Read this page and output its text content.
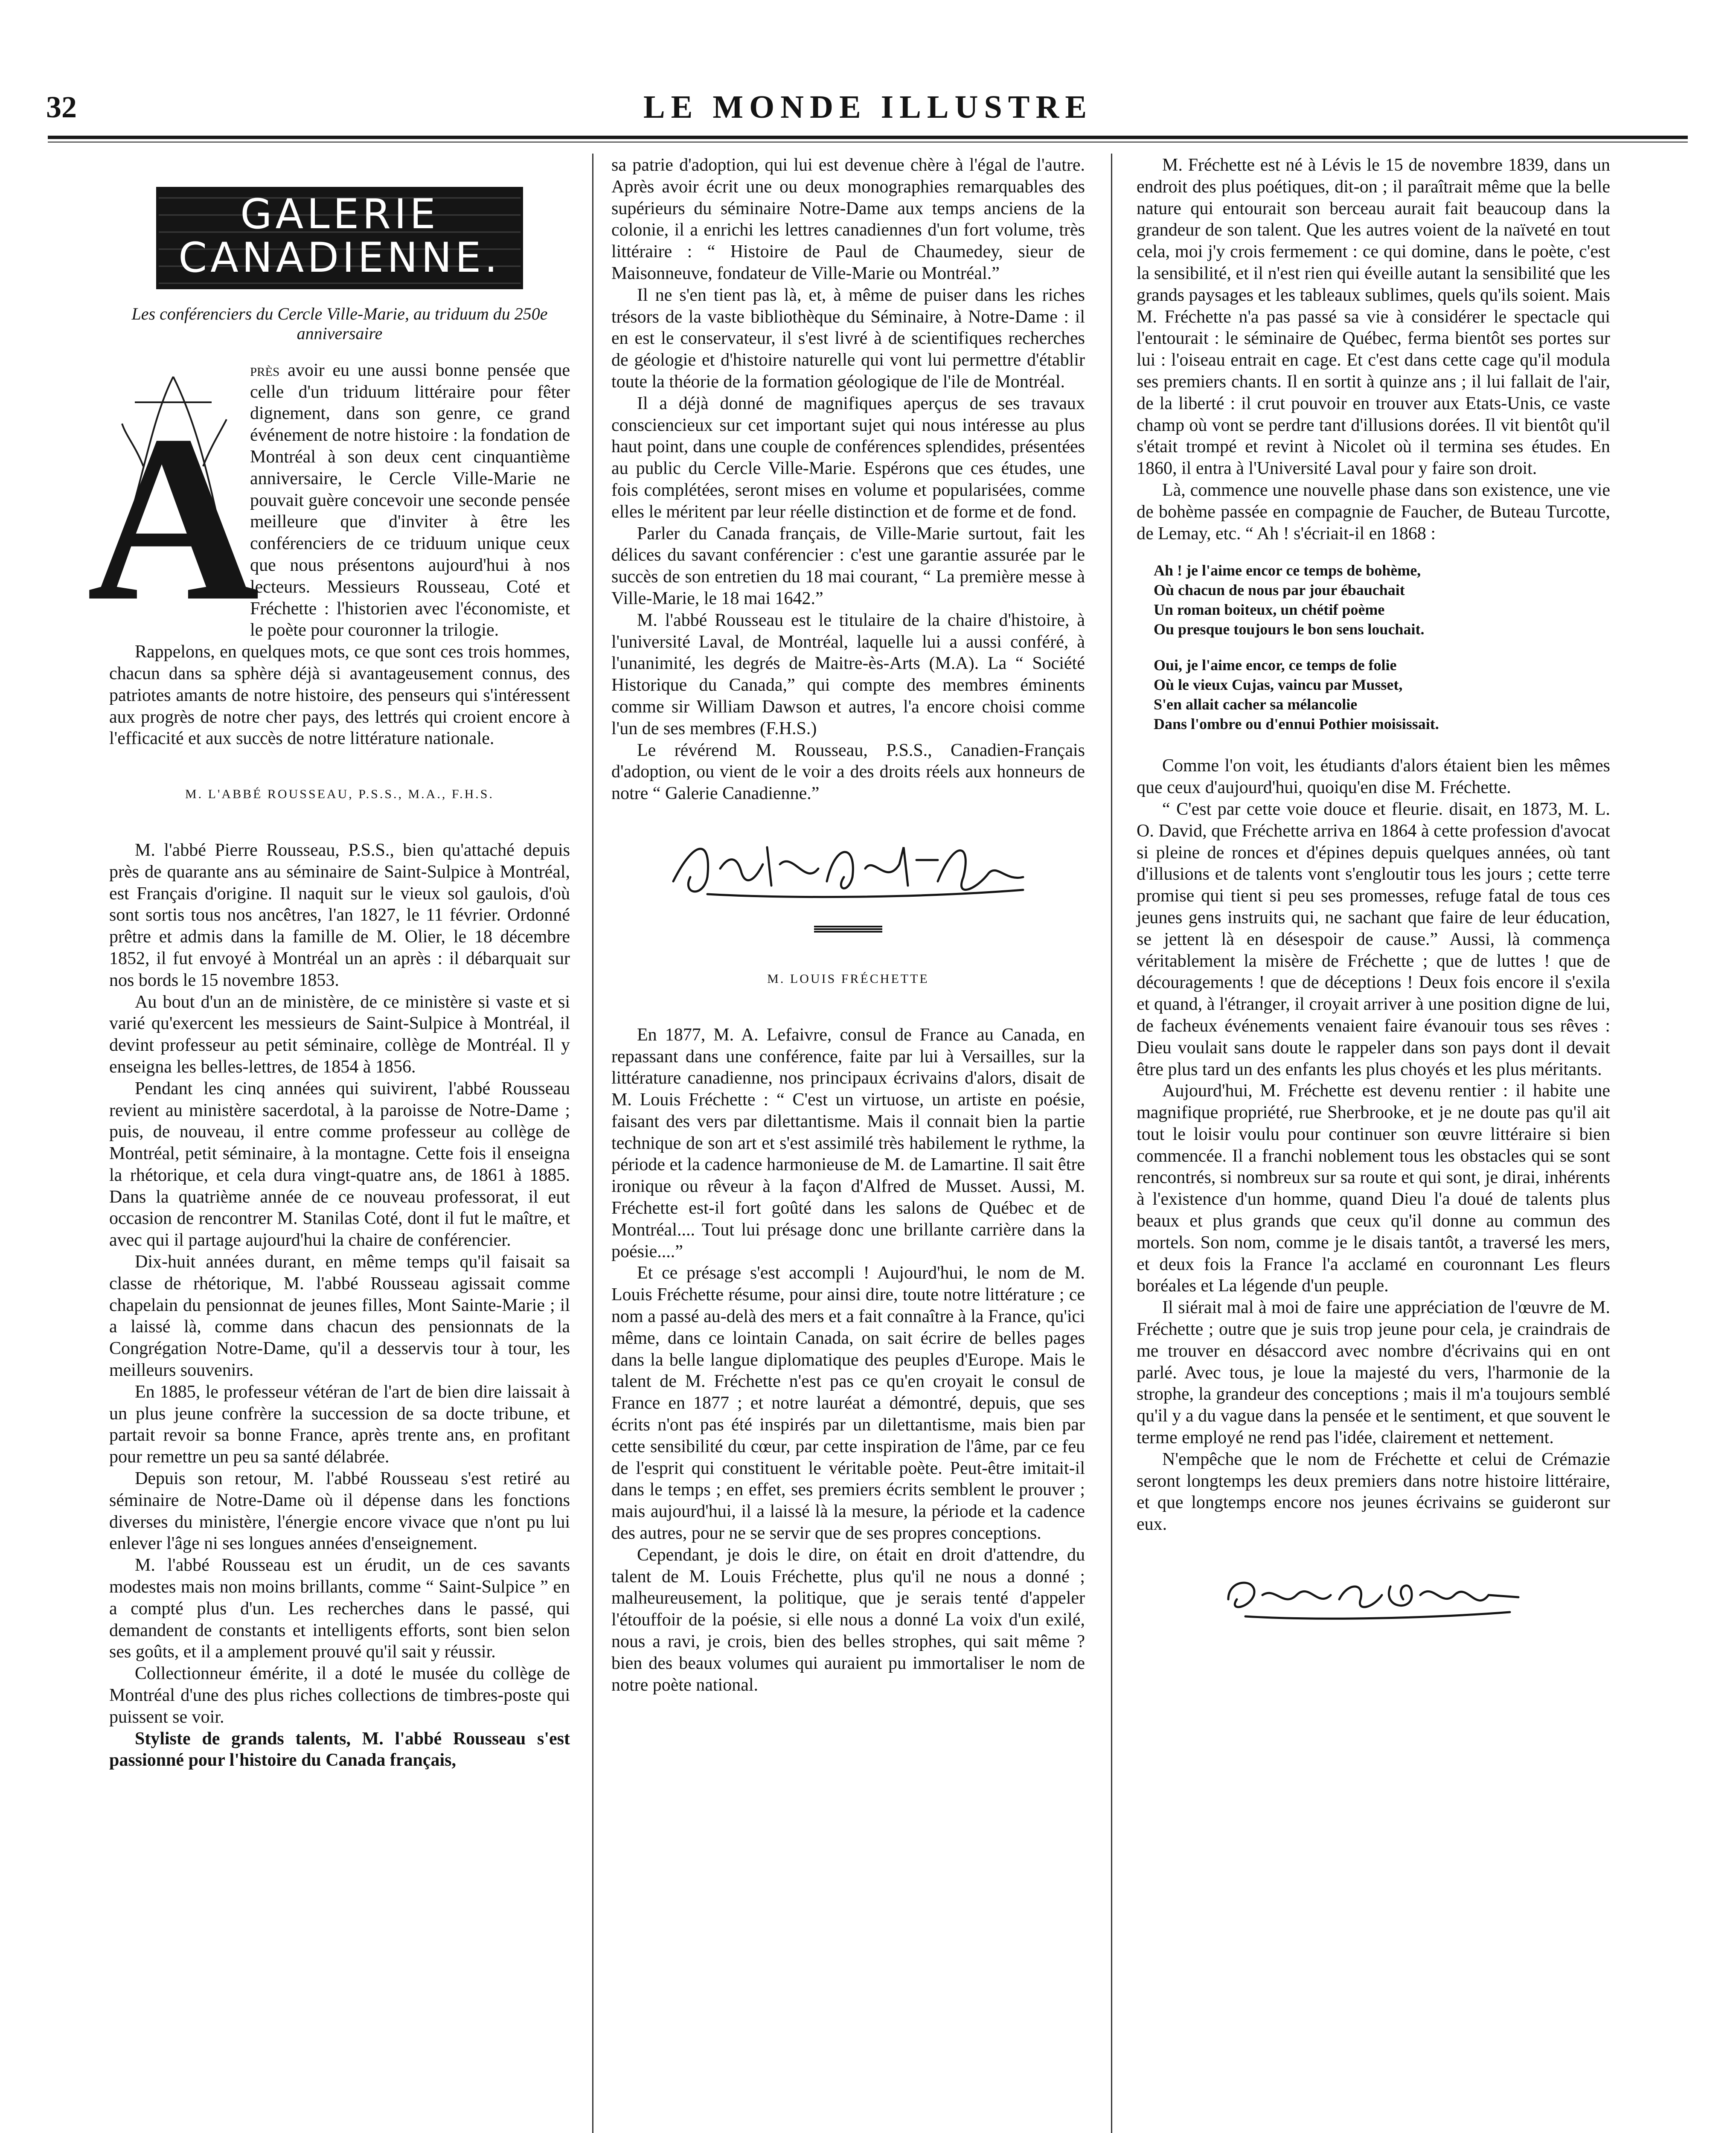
32	LE MONDE ILLUSTRE
GALERIE
CANADIENNE.

Les conférenciers du Cercle Ville-Marie, au triduum du 250e anniversaire

A

près avoir eu une aussi bonne pensée que celle d'un triduum littéraire pour fêter dignement, dans son genre, ce grand événement de notre histoire : la fondation de Montréal à son deux cent cinquantième anniversaire, le Cercle Ville-Marie ne pouvait guère concevoir une seconde pensée meilleure que d'inviter à être les conférenciers de ce triduum unique ceux que nous présentons aujourd'hui à nos lecteurs. Messieurs Rousseau, Coté et Fréchette : l'historien avec l'économiste, et le poète pour couronner la trilogie.

Rappelons, en quelques mots, ce que sont ces trois hommes, chacun dans sa sphère déjà si avantageusement connus, des patriotes amants de notre histoire, des penseurs qui s'intéressent aux progrès de notre cher pays, des lettrés qui croient encore à l'efficacité et aux succès de notre littérature nationale.

M. L'ABBÉ ROUSSEAU, P.S.S., M.A., F.H.S.

M. l'abbé Pierre Rousseau, P.S.S., bien qu'attaché depuis près de quarante ans au séminaire de Saint-Sulpice à Montréal, est Français d'origine. Il naquit sur le vieux sol gaulois, d'où sont sortis tous nos ancêtres, l'an 1827, le 11 février. Ordonné prêtre et admis dans la famille de M. Olier, le 18 décembre 1852, il fut envoyé à Montréal un an après : il débarquait sur nos bords le 15 novembre 1853.

Au bout d'un an de ministère, de ce ministère si vaste et si varié qu'exercent les messieurs de Saint-Sulpice à Montréal, il devint professeur au petit séminaire, collège de Montréal. Il y enseigna les belles-lettres, de 1854 à 1856.

Pendant les cinq années qui suivirent, l'abbé Rousseau revient au ministère sacerdotal, à la paroisse de Notre-Dame ; puis, de nouveau, il entre comme professeur au collège de Montréal, petit séminaire, à la montagne. Cette fois il enseigna la rhétorique, et cela dura vingt-quatre ans, de 1861 à 1885. Dans la quatrième année de ce nouveau professorat, il eut occasion de rencontrer M. Stanilas Coté, dont il fut le maître, et avec qui il partage aujourd'hui la chaire de conférencier.

Dix-huit années durant, en même temps qu'il faisait sa classe de rhétorique, M. l'abbé Rousseau agissait comme chapelain du pensionnat de jeunes filles, Mont Sainte-Marie ; il a laissé là, comme dans chacun des pensionnats de la Congrégation Notre-Dame, qu'il a desservis tour à tour, les meilleurs souvenirs.

En 1885, le professeur vétéran de l'art de bien dire laissait à un plus jeune confrère la succession de sa docte tribune, et partait revoir sa bonne France, après trente ans, en profitant pour remettre un peu sa santé délabrée.

Depuis son retour, M. l'abbé Rousseau s'est retiré au séminaire de Notre-Dame où il dépense dans les fonctions diverses du ministère, l'énergie encore vivace que n'ont pu lui enlever l'âge ni ses longues années d'enseignement.

M. l'abbé Rousseau est un érudit, un de ces savants modestes mais non moins brillants, comme “ Saint-Sulpice ” en a compté plus d'un. Les recherches dans le passé, qui demandent de constants et intelligents efforts, sont bien selon ses goûts, et il a amplement prouvé qu'il sait y réussir.

Collectionneur émérite, il a doté le musée du collège de Montréal d'une des plus riches collections de timbres-poste qui puissent se voir.

Styliste de grands talents, M. l'abbé Rousseau s'est passionné pour l'histoire du Canada français,

sa patrie d'adoption, qui lui est devenue chère à l'égal de l'autre. Après avoir écrit une ou deux monographies remarquables des supérieurs du séminaire Notre-Dame aux temps anciens de la colonie, il a enrichi les lettres canadiennes d'un fort volume, très littéraire : “ Histoire de Paul de Chaumedey, sieur de Maisonneuve, fondateur de Ville-Marie ou Montréal.”

Il ne s'en tient pas là, et, à même de puiser dans les riches trésors de la vaste bibliothèque du Séminaire, à Notre-Dame : il en est le conservateur, il s'est livré à de scientifiques recherches de géologie et d'histoire naturelle qui vont lui permettre d'établir toute la théorie de la formation géologique de l'ile de Montréal.

Il a déjà donné de magnifiques aperçus de ses travaux consciencieux sur cet important sujet qui nous intéresse au plus haut point, dans une couple de conférences splendides, présentées au public du Cercle Ville-Marie. Espérons que ces études, une fois complétées, seront mises en volume et popularisées, comme elles le méritent par leur réelle distinction et de forme et de fond.

Parler du Canada français, de Ville-Marie surtout, fait les délices du savant conférencier : c'est une garantie assurée par le succès de son entretien du 18 mai courant, “ La première messe à Ville-Marie, le 18 mai 1642.”

M. l'abbé Rousseau est le titulaire de la chaire d'histoire, à l'université Laval, de Montréal, laquelle lui a aussi conféré, à l'unanimité, les degrés de Maitre-ès-Arts (M.A). La “ Société Historique du Canada,” qui compte des membres éminents comme sir William Dawson et autres, l'a encore choisi comme l'un de ses membres (F.H.S.)

Le révérend M. Rousseau, P.S.S., Canadien-Français d'adoption, ou vient de le voir a des droits réels aux honneurs de notre “ Galerie Canadienne.”

M. LOUIS FRÉCHETTE

En 1877, M. A. Lefaivre, consul de France au Canada, en repassant dans une conférence, faite par lui à Versailles, sur la littérature canadienne, nos principaux écrivains d'alors, disait de M. Louis Fréchette : “ C'est un virtuose, un artiste en poésie, faisant des vers par dilettantisme. Mais il connait bien la partie technique de son art et s'est assimilé très habilement le rythme, la période et la cadence harmonieuse de M. de Lamartine. Il sait être ironique ou rêveur à la façon d'Alfred de Musset. Aussi, M. Fréchette est-il fort goûté dans les salons de Québec et de Montréal.... Tout lui présage donc une brillante carrière dans la poésie....”

Et ce présage s'est accompli ! Aujourd'hui, le nom de M. Louis Fréchette résume, pour ainsi dire, toute notre littérature ; ce nom a passé au-delà des mers et a fait connaître à la France, qu'ici même, dans ce lointain Canada, on sait écrire de belles pages dans la belle langue diplomatique des peuples d'Europe. Mais le talent de M. Fréchette n'est pas ce qu'en croyait le consul de France en 1877 ; et notre lauréat a démontré, depuis, que ses écrits n'ont pas été inspirés par un dilettantisme, mais bien par cette sensibilité du cœur, par cette inspiration de l'âme, par ce feu de l'esprit qui constituent le véritable poète. Peut-être imitait-il dans le temps ; en effet, ses premiers écrits semblent le prouver ; mais aujourd'hui, il a laissé là la mesure, la période et la cadence des autres, pour ne se servir que de ses propres conceptions.

Cependant, je dois le dire, on était en droit d'attendre, du talent de M. Louis Fréchette, plus qu'il ne nous a donné ; malheureusement, la politique, que je serais tenté d'appeler l'étouffoir de la poésie, si elle nous a donné La voix d'un exilé, nous a ravi, je crois, bien des belles strophes, qui sait même ? bien des beaux volumes qui auraient pu immortaliser le nom de notre poète national.

M. Fréchette est né à Lévis le 15 de novembre 1839, dans un endroit des plus poétiques, dit-on ; il paraîtrait même que la belle nature qui entourait son berceau aurait fait beaucoup dans la grandeur de son talent. Que les autres voient de la naïveté en tout cela, moi j'y crois fermement : ce qui domine, dans le poète, c'est la sensibilité, et il n'est rien qui éveille autant la sensibilité que les grands paysages et les tableaux sublimes, quels qu'ils soient. Mais M. Fréchette n'a pas passé sa vie à considérer le spectacle qui l'entourait : le séminaire de Québec, ferma bientôt ses portes sur lui : l'oiseau entrait en cage. Et c'est dans cette cage qu'il modula ses premiers chants. Il en sortit à quinze ans ; il lui fallait de l'air, de la liberté : il crut pouvoir en trouver aux Etats-Unis, ce vaste champ où vont se perdre tant d'illusions dorées. Il vit bientôt qu'il s'était trompé et revint à Nicolet où il termina ses études. En 1860, il entra à l'Université Laval pour y faire son droit.

Là, commence une nouvelle phase dans son existence, une vie de bohème passée en compagnie de Faucher, de Buteau Turcotte, de Lemay, etc. “ Ah ! s'écriait-il en 1868 :

Ah ! je l'aime encor ce temps de bohème,
Où chacun de nous par jour ébauchait
Un roman boiteux, un chétif poème
Ou presque toujours le bon sens louchait.

Oui, je l'aime encor, ce temps de folie
Où le vieux Cujas, vaincu par Musset,
S'en allait cacher sa mélancolie
Dans l'ombre ou d'ennui Pothier moisissait.

Comme l'on voit, les étudiants d'alors étaient bien les mêmes que ceux d'aujourd'hui, quoiqu'en dise M. Fréchette.

“ C'est par cette voie douce et fleurie. disait, en 1873, M. L. O. David, que Fréchette arriva en 1864 à cette profession d'avocat si pleine de ronces et d'épines depuis quelques années, où tant d'illusions et de talents vont s'engloutir tous les jours ; cette terre promise qui tient si peu ses promesses, refuge fatal de tous ces jeunes gens instruits qui, ne sachant que faire de leur éducation, se jettent là en désespoir de cause.” Aussi, là commença véritablement la misère de Fréchette ; que de luttes ! que de découragements ! que de déceptions ! Deux fois encore il s'exila et quand, à l'étranger, il croyait arriver à une position digne de lui, de facheux événements venaient faire évanouir tous ses rêves : Dieu voulait sans doute le rappeler dans son pays dont il devait être plus tard un des enfants les plus choyés et les plus méritants.

Aujourd'hui, M. Fréchette est devenu rentier : il habite une magnifique propriété, rue Sherbrooke, et je ne doute pas qu'il ait tout le loisir voulu pour continuer son œuvre littéraire si bien commencée. Il a franchi noblement tous les obstacles qui se sont rencontrés, si nombreux sur sa route et qui sont, je dirai, inhérents à l'existence d'un homme, quand Dieu l'a doué de talents plus beaux et plus grands que ceux qu'il donne au commun des mortels. Son nom, comme je le disais tantôt, a traversé les mers, et deux fois la France l'a acclamé en couronnant Les fleurs boréales et La légende d'un peuple.

Il siérait mal à moi de faire une appréciation de l'œuvre de M. Fréchette ; outre que je suis trop jeune pour cela, je craindrais de me trouver en désaccord avec nombre d'écrivains qui en ont parlé. Avec tous, je loue la majesté du vers, l'harmonie de la strophe, la grandeur des conceptions ; mais il m'a toujours semblé qu'il y a du vague dans la pensée et le sentiment, et que souvent le terme employé ne rend pas l'idée, clairement et nettement.

N'empêche que le nom de Fréchette et celui de Crémazie seront longtemps les deux premiers dans notre histoire littéraire, et que longtemps encore nos jeunes écrivains se guideront sur eux.
